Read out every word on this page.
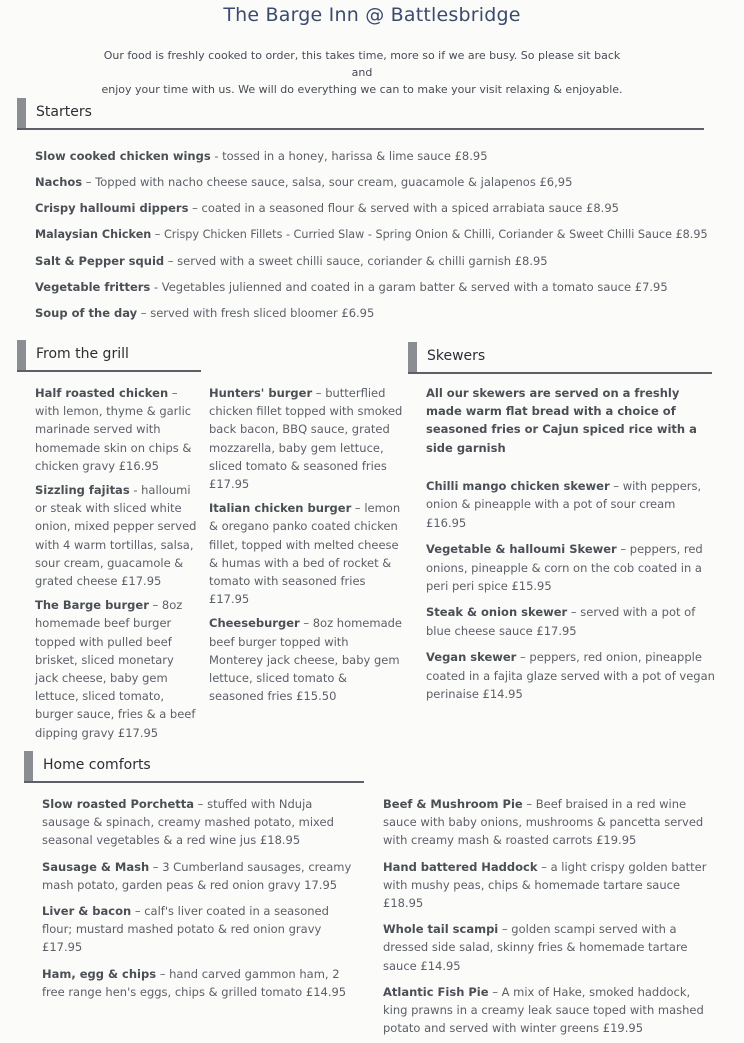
The Barge Inn @ Battlesbridge
Our food is freshly cooked to order, this takes time, more so if we are busy. So please sit back and
enjoy your time with us. We will do everything we can to make your visit relaxing & enjoyable.
Starters

Slow cooked chicken wings - tossed in a honey, harissa & lime sauce £8.95

Nachos – Topped with nacho cheese sauce, salsa, sour cream, guacamole & jalapenos £6,95

Crispy halloumi dippers – coated in a seasoned flour & served with a spiced arrabiata sauce £8.95

Malaysian Chicken – Crispy Chicken Fillets - Curried Slaw - Spring Onion & Chilli, Coriander & Sweet Chilli Sauce £8.95

Salt & Pepper squid – served with a sweet chilli sauce, coriander & chilli garnish £8.95

Vegetable fritters - Vegetables julienned and coated in a garam batter & served with a tomato sauce £7.95

Soup of the day – served with fresh sliced bloomer £6.95

From the grill

Half roasted chicken – with lemon, thyme & garlic marinade served with homemade skin on chips & chicken gravy £16.95

Sizzling fajitas - halloumi or steak with sliced white onion, mixed pepper served with 4 warm tortillas, salsa, sour cream, guacamole & grated cheese £17.95

The Barge burger – 8oz homemade beef burger topped with pulled beef brisket, sliced monetary jack cheese, baby gem lettuce, sliced tomato, burger sauce, fries & a beef dipping gravy £17.95

Hunters' burger – butterflied chicken fillet topped with smoked back bacon, BBQ sauce, grated mozzarella, baby gem lettuce, sliced tomato & seasoned fries £17.95

Italian chicken burger – lemon & oregano panko coated chicken fillet, topped with melted cheese & humas with a bed of rocket & tomato with seasoned fries £17.95

Cheeseburger – 8oz homemade beef burger topped with Monterey jack cheese, baby gem lettuce, sliced tomato & seasoned fries £15.50

Skewers
All our skewers are served on a freshly made warm flat bread with a choice of seasoned fries or Cajun spiced rice with a side garnish

Chilli mango chicken skewer – with peppers, onion & pineapple with a pot of sour cream £16.95

Vegetable & halloumi Skewer – peppers, red onions, pineapple & corn on the cob coated in a peri peri spice £15.95

Steak & onion skewer – served with a pot of blue cheese sauce £17.95

Vegan skewer – peppers, red onion, pineapple coated in a fajita glaze served with a pot of vegan perinaise £14.95

Home comforts

Slow roasted Porchetta – stuffed with Nduja sausage & spinach, creamy mashed potato, mixed seasonal vegetables & a red wine jus £18.95

Sausage & Mash – 3 Cumberland sausages, creamy mash potato, garden peas & red onion gravy 17.95

Liver & bacon – calf's liver coated in a seasoned flour; mustard mashed potato & red onion gravy £17.95

Ham, egg & chips – hand carved gammon ham, 2 free range hen's eggs, chips & grilled tomato £14.95

Beef & Mushroom Pie – Beef braised in a red wine sauce with baby onions, mushrooms & pancetta served with creamy mash & roasted carrots £19.95

Hand battered Haddock – a light crispy golden batter with mushy peas, chips & homemade tartare sauce £18.95

Whole tail scampi – golden scampi served with a dressed side salad, skinny fries & homemade tartare sauce £14.95

Atlantic Fish Pie – A mix of Hake, smoked haddock, king prawns in a creamy leak sauce toped with mashed potato and served with winter greens £19.95
